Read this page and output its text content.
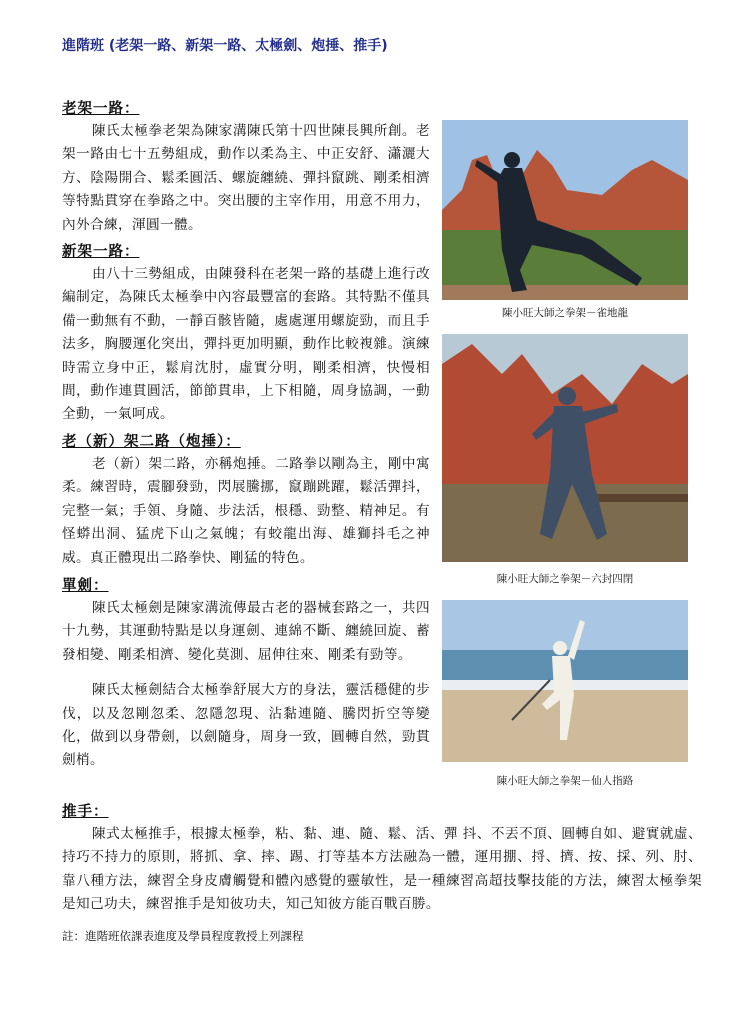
進階班 (老架一路、新架一路、太極劍、炮捶、推手)

老架一路：

陳氏太極拳老架為陳家溝陳氏第十四世陳長興所創。老架一路由七十五勢組成，動作以柔為主、中正安舒、瀟灑大方、陰陽開合、鬆柔圓活、螺旋纏繞、彈抖竄跳、剛柔相濟等特點貫穿在拳路之中。突出腰的主宰作用，用意不用力，內外合練，渾圓一體。

新架一路：

由八十三勢組成，由陳發科在老架一路的基礎上進行改編制定，為陳氏太極拳中內容最豐富的套路。其特點不僅具備一動無有不動，一靜百骸皆隨，處處運用螺旋勁，而且手法多，胸腰運化突出，彈抖更加明顯，動作比較複雜。演練時需立身中正，鬆肩沈肘，虛實分明，剛柔相濟，快慢相間，動作連貫圓活，節節貫串，上下相隨，周身協調，一動全動，一氣呵成。

老（新）架二路（炮捶）：

老（新）架二路，亦稱炮捶。二路拳以剛為主，剛中寓柔。練習時，震腳發勁，閃展騰挪，竄蹦跳躍，鬆活彈抖，完整一氣；手領、身隨、步法活，根穩、勁整、精神足。有怪蟒出洞、猛虎下山之氣魄；有蛟龍出海、雄獅抖毛之神威。真正體現出二路拳快、剛猛的特色。

單劍：

陳氏太極劍是陳家溝流傳最古老的器械套路之一，共四十九勢，其運動特點是以身運劍、連綿不斷、纏繞回旋、蓄發相變、剛柔相濟、變化莫測、屈伸往來、剛柔有勁等。

陳氏太極劍結合太極拳舒展大方的身法，靈活穩健的步伐，以及忽剛忽柔、忽隱忽現、沾黏連隨、騰閃折空等變化，做到以身帶劍，以劍隨身，周身一致，圓轉自然，勁貫劍梢。

推手：

陳式太極推手，根據太極拳，粘、黏、連、隨、鬆、活、彈 抖、不丟不頂、圓轉自如、避實就虛、持巧不持力的原則，將抓、拿、摔、踢、打等基本方法融為一體，運用掤、捋、擠、按、採、列、肘、靠八種方法，練習全身皮膚觸覺和體內感覺的靈敏性，是一種練習高超技擊技能的方法，練習太極拳架是知己功夫，練習推手是知彼功夫，知己知彼方能百戰百勝。

陳小旺大師之拳架－雀地龍
陳小旺大師之拳架－六封四閉
陳小旺大師之拳架－仙人指路
註：進階班依課表進度及學員程度教授上列課程
